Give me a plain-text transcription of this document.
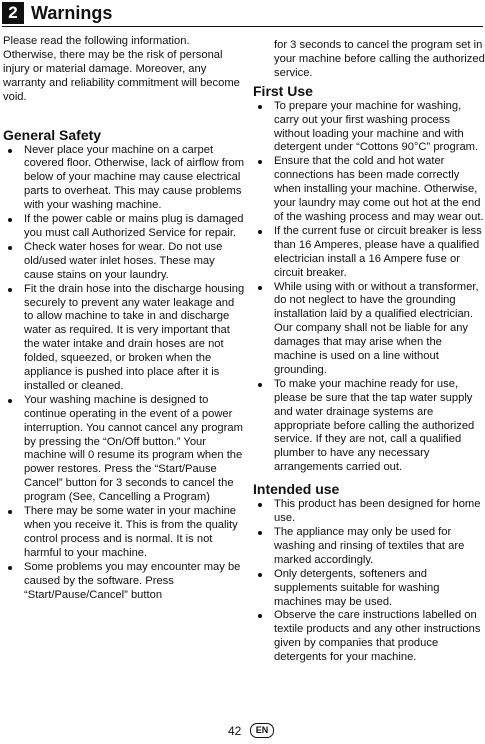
2 Warnings

Please read the following information. Otherwise, there may be the risk of personal injury or material damage. Moreover, any warranty and reliability commitment will become void.

General Safety
Never place your machine on a carpet covered floor. Otherwise, lack of airflow from below of your machine may cause electrical parts to overheat. This may cause problems with your washing machine.
If the power cable or mains plug is damaged you must call Authorized Service for repair.
Check water hoses for wear. Do not use old/used water inlet hoses. These may cause stains on your laundry.
Fit the drain hose into the discharge housing securely to prevent any water leakage and to allow machine to take in and discharge water as required. It is very important that the water intake and drain hoses are not folded, squeezed, or broken when the appliance is pushed into place after it is installed or cleaned.
Your washing machine is designed to continue operating in the event of a power interruption. You cannot cancel any program by pressing the “On/Off button.” Your machine will 0 resume its program when the power restores. Press the “Start/Pause Cancel” button for 3 seconds to cancel the program (See, Cancelling a Program)
There may be some water in your machine when you receive it. This is from the quality control process and is normal. It is not harmful to your machine.
Some problems you may encounter may be caused by the software. Press “Start/Pause/Cancel” button

for 3 seconds to cancel the program set in your machine before calling the authorized service.

First Use
To prepare your machine for washing, carry out your first washing process without loading your machine and with detergent under “Cottons 90°C” program.
Ensure that the cold and hot water connections has been made correctly when installing your machine. Otherwise, your laundry may come out hot at the end of the washing process and may wear out.
If the current fuse or circuit breaker is less than 16 Amperes, please have a qualified electrician install a 16 Ampere fuse or circuit breaker.
While using with or without a transformer, do not neglect to have the grounding installation laid by a qualified electrician. Our company shall not be liable for any damages that may arise when the machine is used on a line without grounding.
To make your machine ready for use, please be sure that the tap water supply and water drainage systems are appropriate before calling the authorized service. If they are not, call a qualified plumber to have any necessary arrangements carried out.
Intended use
This product has been designed for home use.
The appliance may only be used for washing and rinsing of textiles that are marked accordingly.
Only detergents, softeners and supplements suitable for washing machines may be used.
Observe the care instructions labelled on textile products and any other instructions given by companies that produce detergents for your machine.
42	EN
